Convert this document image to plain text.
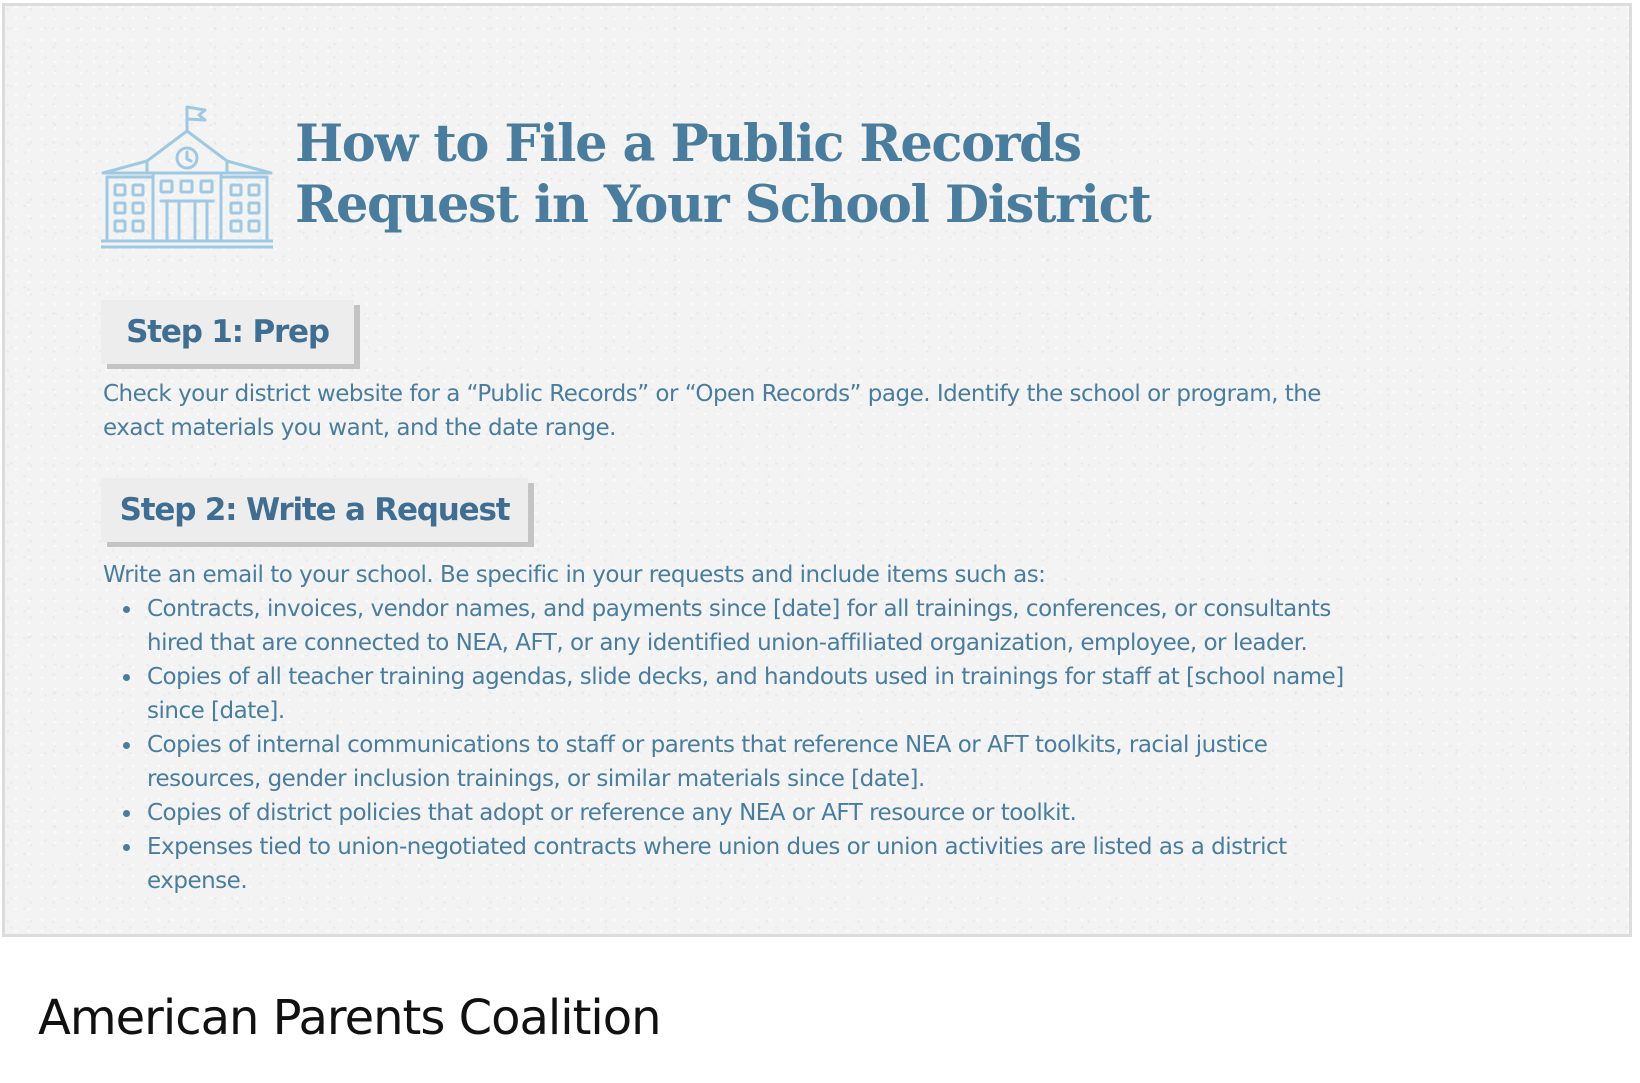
How to File a Public Records
Request in Your School District
Step 1: Prep

Check your district website for a “Public Records” or “Open Records” page. Identify the school or program, the
exact materials you want, and the date range.

Step 2: Write a Request

Write an email to your school. Be specific in your requests and include items such as:

Contracts, invoices, vendor names, and payments since [date] for all trainings, conferences, or consultants
hired that are connected to NEA, AFT, or any identified union-affiliated organization, employee, or leader.
Copies of all teacher training agendas, slide decks, and handouts used in trainings for staff at [school name]
since [date].
Copies of internal communications to staff or parents that reference NEA or AFT toolkits, racial justice
resources, gender inclusion trainings, or similar materials since [date].
Copies of district policies that adopt or reference any NEA or AFT resource or toolkit.
Expenses tied to union-negotiated contracts where union dues or union activities are listed as a district
expense.

American Parents Coalition
